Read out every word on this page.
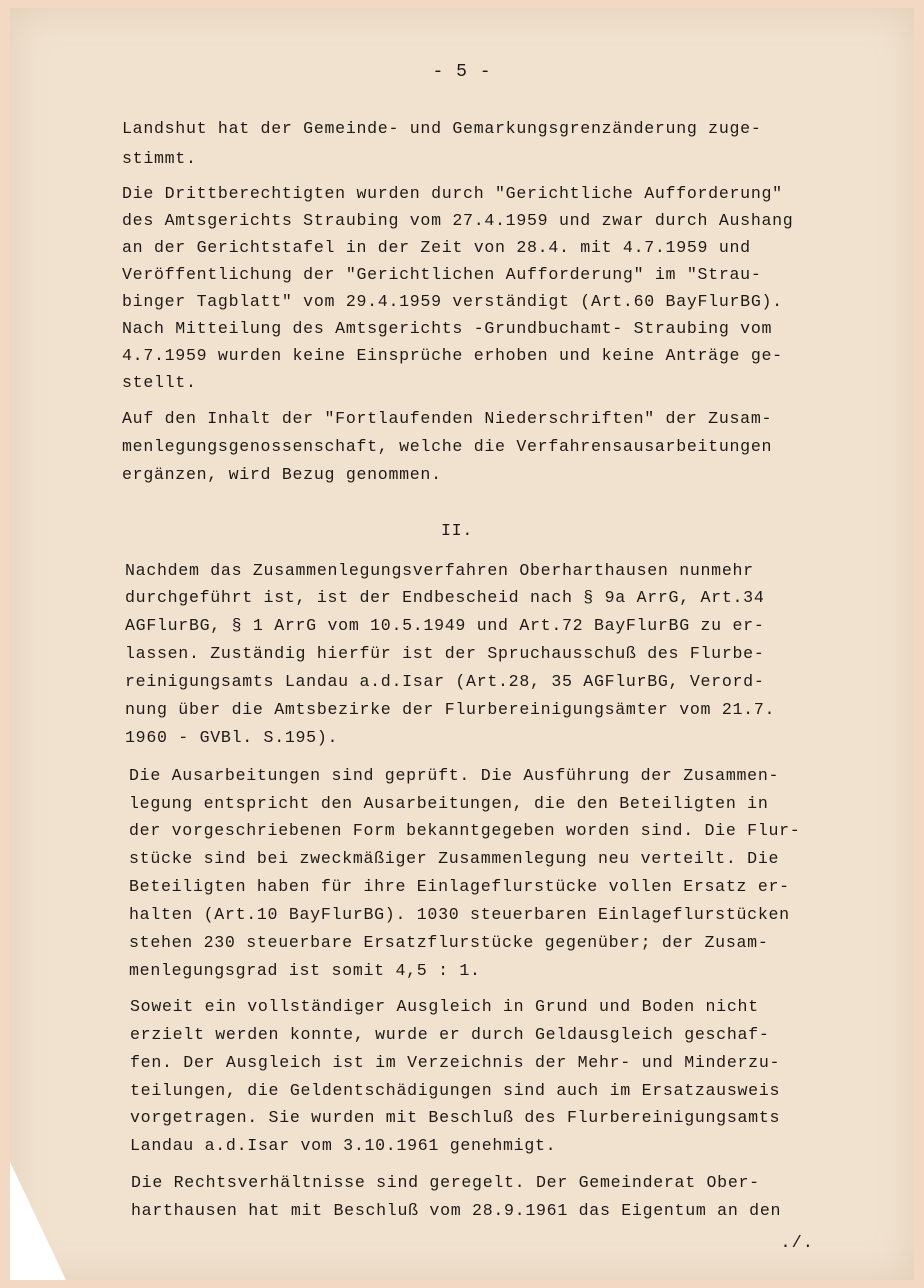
- 5 -
Landshut hat der Gemeinde- und Gemarkungsgrenzänderung zuge-
stimmt.
Die Drittberechtigten wurden durch "Gerichtliche Aufforderung"
des Amtsgerichts Straubing vom 27.4.1959 und zwar durch Aushang
an der Gerichtstafel in der Zeit von 28.4. mit 4.7.1959 und
Veröffentlichung der "Gerichtlichen Aufforderung" im "Strau-
binger Tagblatt" vom 29.4.1959 verständigt (Art.60 BayFlurBG).
Nach Mitteilung des Amtsgerichts -Grundbuchamt- Straubing vom
4.7.1959 wurden keine Einsprüche erhoben und keine Anträge ge-
stellt.
Auf den Inhalt der "Fortlaufenden Niederschriften" der Zusam-
menlegungsgenossenschaft, welche die Verfahrensausarbeitungen
ergänzen, wird Bezug genommen.
II.
Nachdem das Zusammenlegungsverfahren Oberharthausen nunmehr
durchgeführt ist, ist der Endbescheid nach § 9a ArrG, Art.34
AGFlurBG, § 1 ArrG vom 10.5.1949 und Art.72 BayFlurBG zu er-
lassen. Zuständig hierfür ist der Spruchausschuß des Flurbe-
reinigungsamts Landau a.d.Isar (Art.28, 35 AGFlurBG, Verord-
nung über die Amtsbezirke der Flurbereinigungsämter vom 21.7.
1960 - GVBl. S.195).
Die Ausarbeitungen sind geprüft. Die Ausführung der Zusammen-
legung entspricht den Ausarbeitungen, die den Beteiligten in
der vorgeschriebenen Form bekanntgegeben worden sind. Die Flur-
stücke sind bei zweckmäßiger Zusammenlegung neu verteilt. Die
Beteiligten haben für ihre Einlageflurstücke vollen Ersatz er-
halten (Art.10 BayFlurBG). 1030 steuerbaren Einlageflurstücken
stehen 230 steuerbare Ersatzflurstücke gegenüber; der Zusam-
menlegungsgrad ist somit 4,5 : 1.
Soweit ein vollständiger Ausgleich in Grund und Boden nicht
erzielt werden konnte, wurde er durch Geldausgleich geschaf-
fen. Der Ausgleich ist im Verzeichnis der Mehr- und Minderzu-
teilungen, die Geldentschädigungen sind auch im Ersatzausweis
vorgetragen. Sie wurden mit Beschluß des Flurbereinigungsamts
Landau a.d.Isar vom 3.10.1961 genehmigt.
Die Rechtsverhältnisse sind geregelt. Der Gemeinderat Ober-
harthausen hat mit Beschluß vom 28.9.1961 das Eigentum an den
./.
